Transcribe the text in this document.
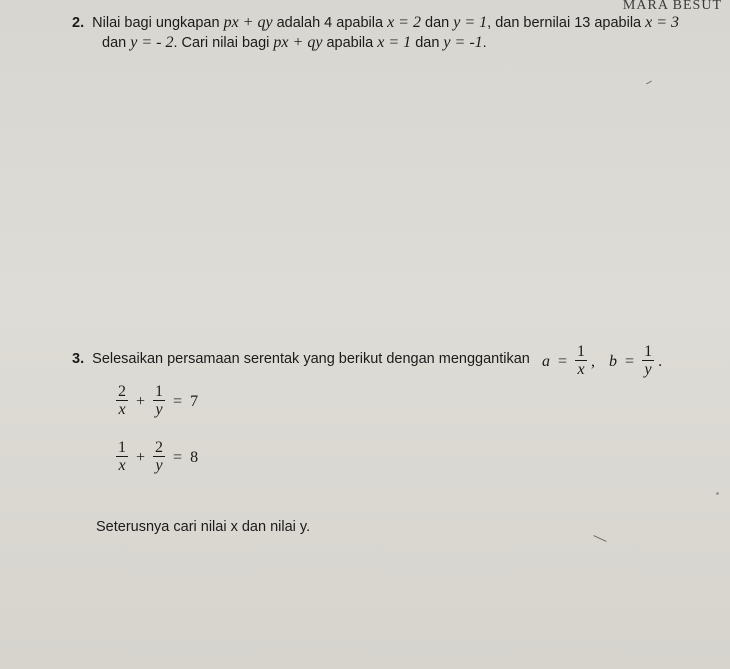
MARA BESUT
2. Nilai bagi ungkapan px + qy adalah 4 apabila x = 2 dan y = 1, dan bernilai 13 apabila x = 3
dan y = - 2. Cari nilai bagi px + qy apabila x = 1 dan y = -1.
3. Selesaikan persamaan serentak yang berikut dengan menggantikan $a = \frac{1}{x}$ , $b = \frac{1}{y}$ .
$\frac{2}{x} + \frac{1}{y} = 7$
$\frac{1}{x} + \frac{2}{y} = 8$
Seterusnya cari nilai x dan nilai y.
